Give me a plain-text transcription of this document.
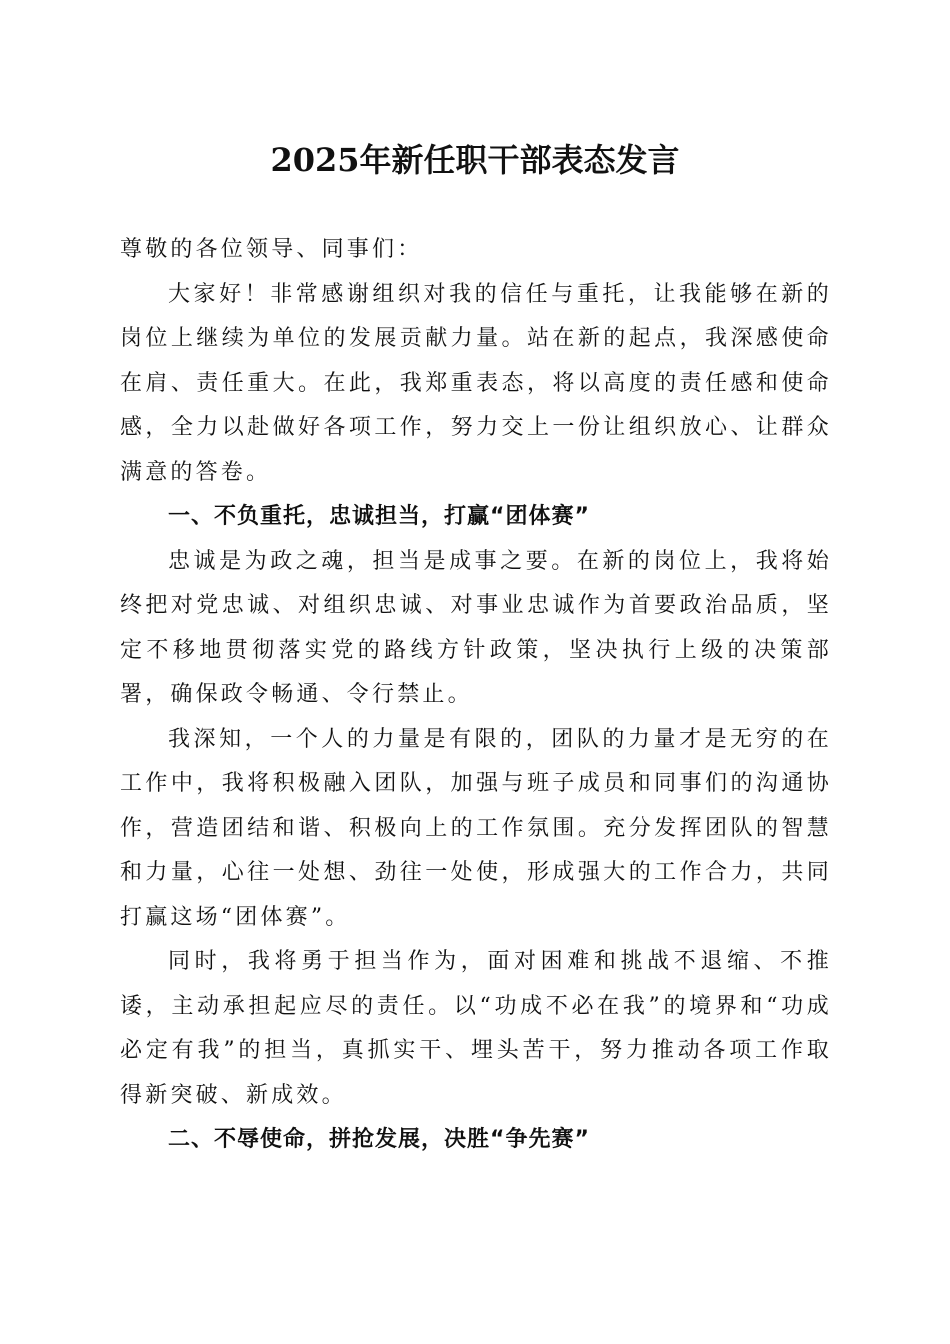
2025年新任职干部表态发言

尊敬的各位领导、同事们：

大家好！非常感谢组织对我的信任与重托，让我能够在新的岗位上继续为单位的发展贡献力量。站在新的起点，我深感使命在肩、责任重大。在此，我郑重表态，将以高度的责任感和使命感，全力以赴做好各项工作，努力交上一份让组织放心、让群众满意的答卷。

一、不负重托，忠诚担当，打赢“团体赛”

忠诚是为政之魂，担当是成事之要。在新的岗位上，我将始终把对党忠诚、对组织忠诚、对事业忠诚作为首要政治品质，坚定不移地贯彻落实党的路线方针政策，坚决执行上级的决策部署，确保政令畅通、令行禁止。

我深知，一个人的力量是有限的，团队的力量才是无穷的在工作中，我将积极融入团队，加强与班子成员和同事们的沟通协作，营造团结和谐、积极向上的工作氛围。充分发挥团队的智慧和力量，心往一处想、劲往一处使，形成强大的工作合力，共同打赢这场“团体赛”。

同时，我将勇于担当作为，面对困难和挑战不退缩、不推诿，主动承担起应尽的责任。以“功成不必在我”的境界和“功成必定有我”的担当，真抓实干、埋头苦干，努力推动各项工作取得新突破、新成效。

二、不辱使命，拼抢发展，决胜“争先赛”
